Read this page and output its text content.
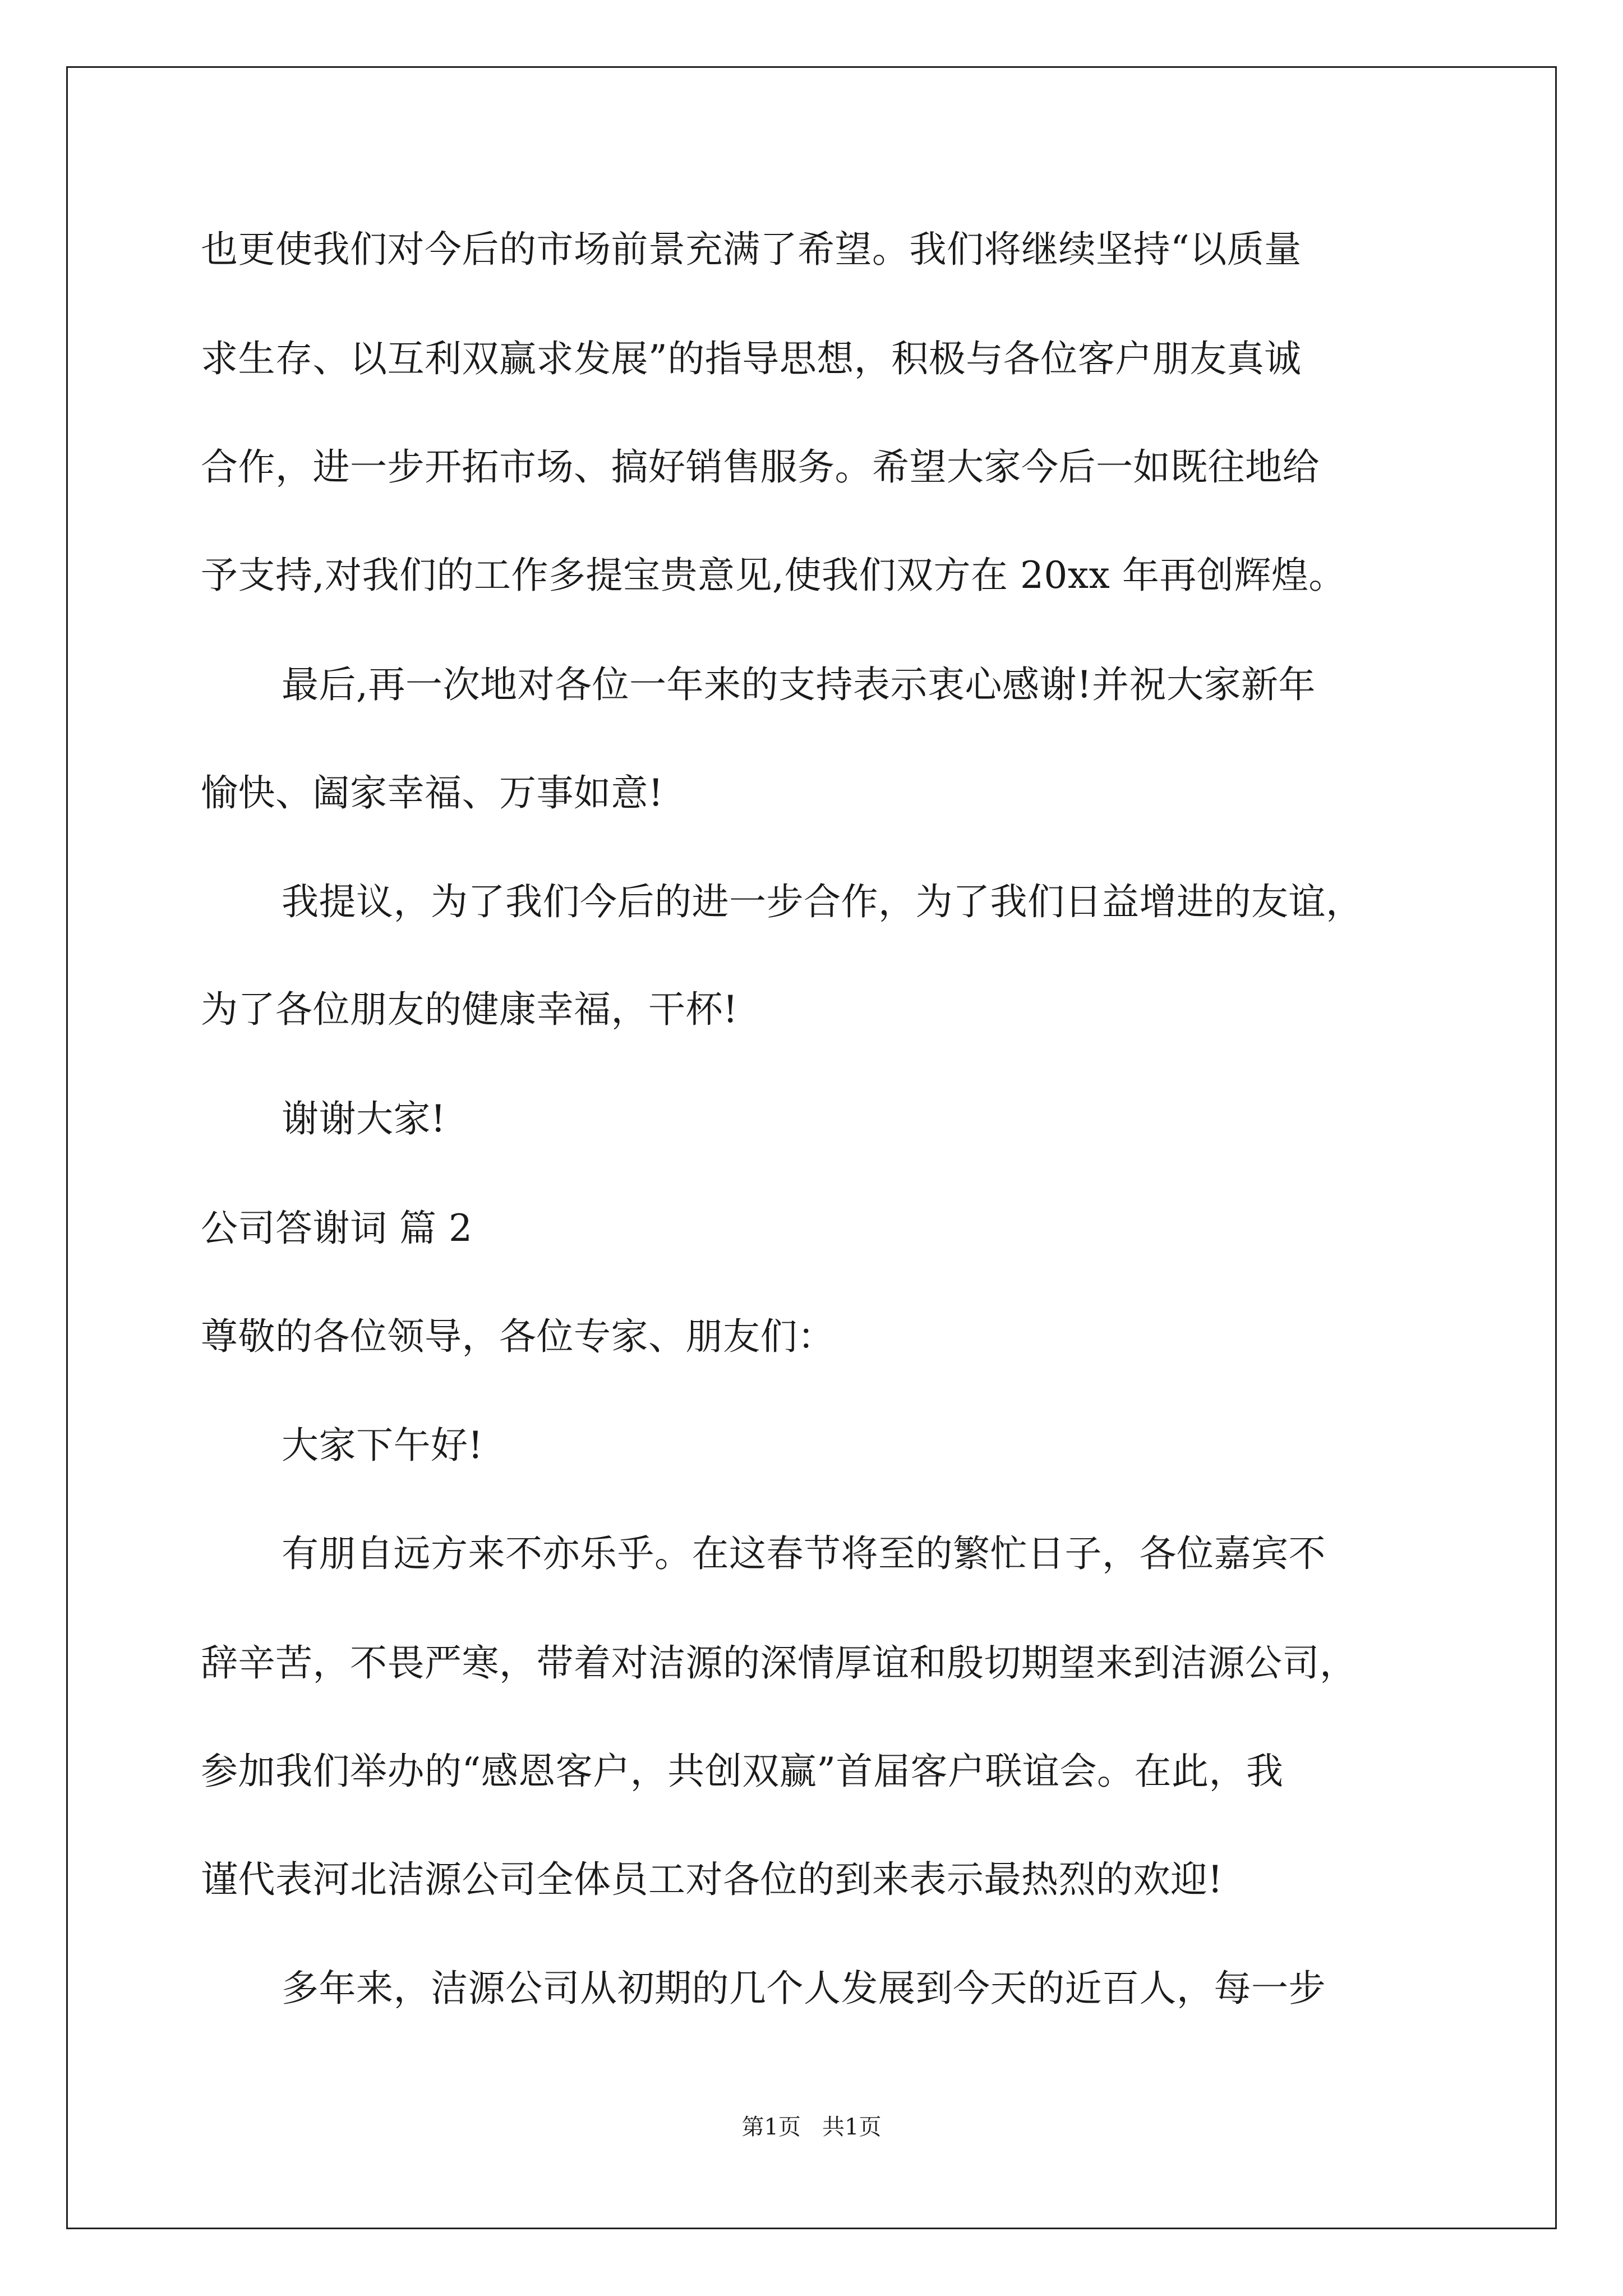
也更使我们对今后的市场前景充满了希望。我们将继续坚持“以质量
求生存、以互利双赢求发展”的指导思想，积极与各位客户朋友真诚
合作，进一步开拓市场、搞好销售服务。希望大家今后一如既往地给
予支持,对我们的工作多提宝贵意见,使我们双方在 20xx 年再创辉煌。
最后,再一次地对各位一年来的支持表示衷心感谢!并祝大家新年
愉快、阖家幸福、万事如意!
我提议，为了我们今后的进一步合作，为了我们日益增进的友谊，
为了各位朋友的健康幸福，干杯!
谢谢大家!
公司答谢词 篇 2
尊敬的各位领导，各位专家、朋友们：
大家下午好!
有朋自远方来不亦乐乎。在这春节将至的繁忙日子，各位嘉宾不
辞辛苦，不畏严寒，带着对洁源的深情厚谊和殷切期望来到洁源公司，
参加我们举办的“感恩客户，共创双赢”首届客户联谊会。在此，我
谨代表河北洁源公司全体员工对各位的到来表示最热烈的欢迎!
多年来，洁源公司从初期的几个人发展到今天的近百人，每一步
第1页   共1页
